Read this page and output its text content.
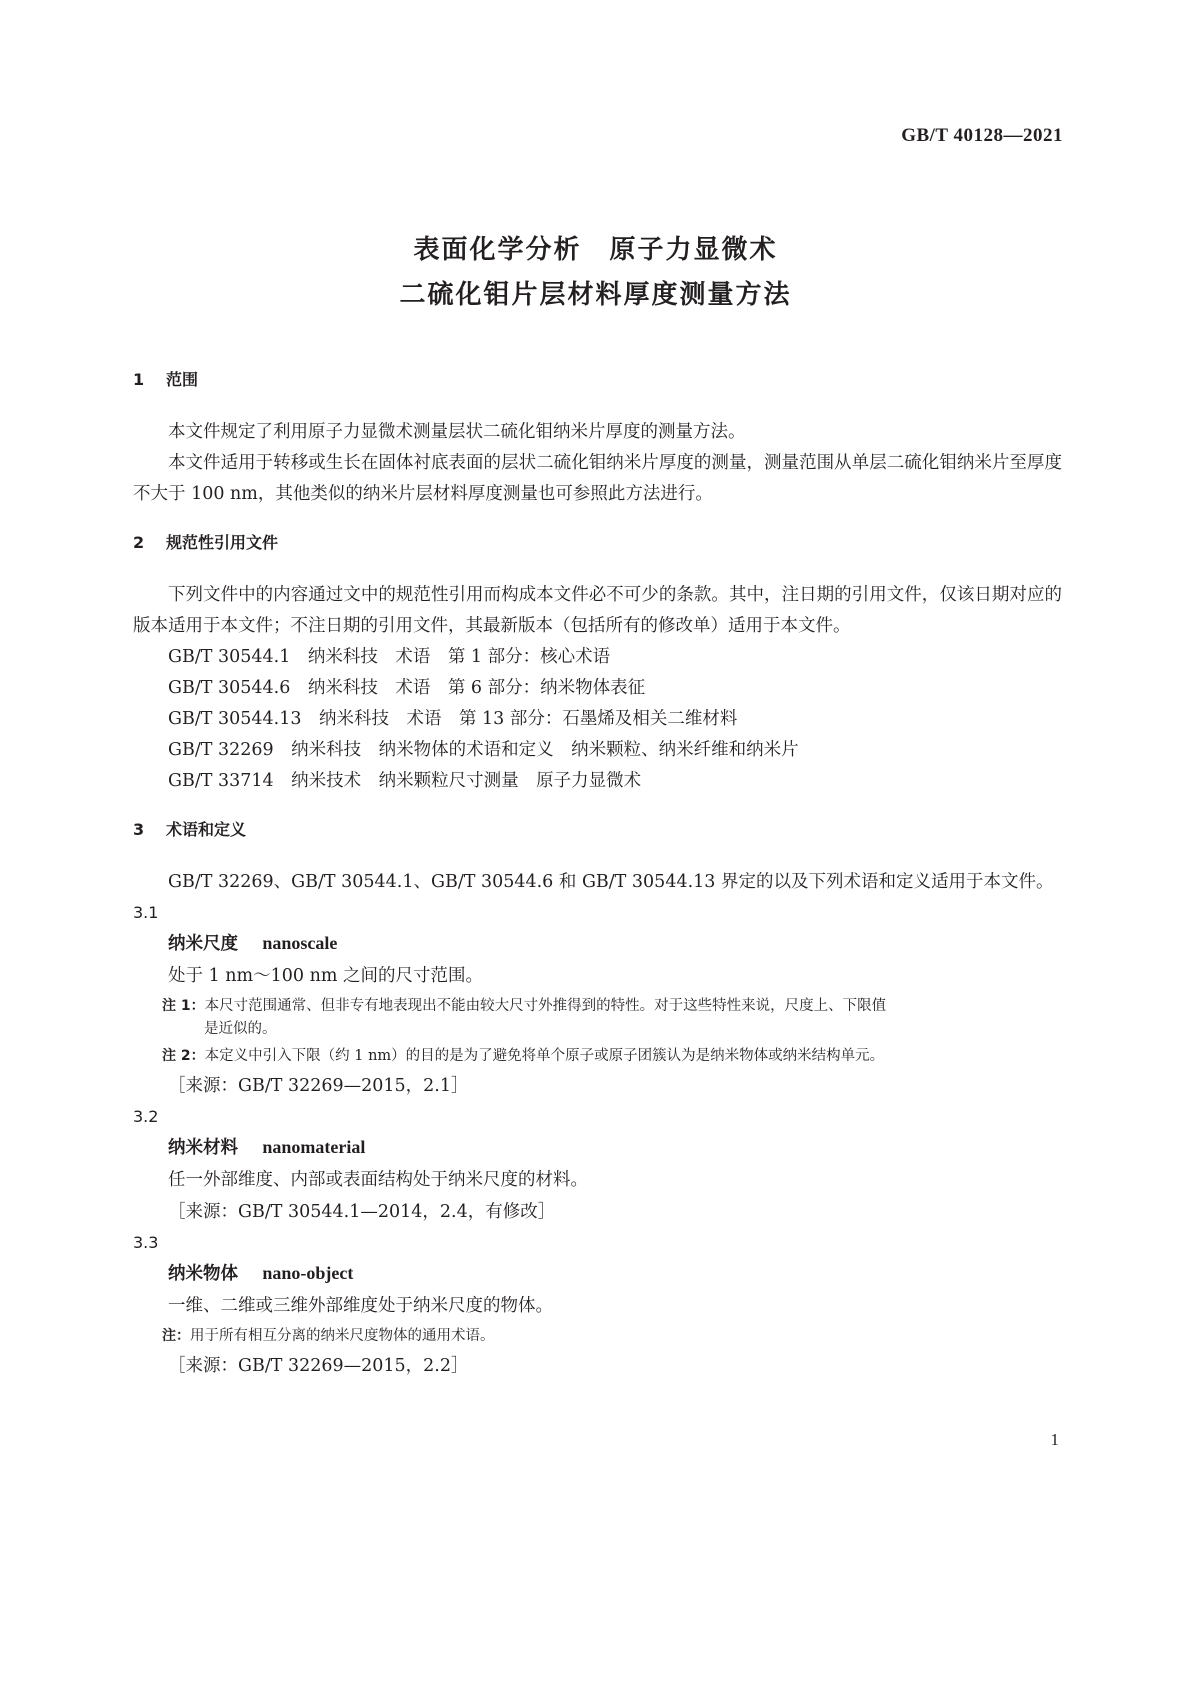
GB/T 40128—2021
表面化学分析　原子力显微术
二硫化钼片层材料厚度测量方法
1 范围

本文件规定了利用原子力显微术测量层状二硫化钼纳米片厚度的测量方法。

本文件适用于转移或生长在固体衬底表面的层状二硫化钼纳米片厚度的测量，测量范围从单层二硫化钼纳米片至厚度不大于 100 nm，其他类似的纳米片层材料厚度测量也可参照此方法进行。

2 规范性引用文件

下列文件中的内容通过文中的规范性引用而构成本文件必不可少的条款。其中，注日期的引用文件，仅该日期对应的版本适用于本文件；不注日期的引用文件，其最新版本（包括所有的修改单）适用于本文件。

GB/T 30544.1　纳米科技　术语　第 1 部分：核心术语
GB/T 30544.6　纳米科技　术语　第 6 部分：纳米物体表征
GB/T 30544.13　纳米科技　术语　第 13 部分：石墨烯及相关二维材料
GB/T 32269　纳米科技　纳米物体的术语和定义　纳米颗粒、纳米纤维和纳米片
GB/T 33714　纳米技术　纳米颗粒尺寸测量　原子力显微术
3 术语和定义

GB/T 32269、GB/T 30544.1、GB/T 30544.6 和 GB/T 30544.13 界定的以及下列术语和定义适用于本文件。

3.1
纳米尺度 nanoscale
处于 1 nm～100 nm 之间的尺寸范围。
注 1：本尺寸范围通常、但非专有地表现出不能由较大尺寸外推得到的特性。对于这些特性来说，尺度上、下限值
是近似的。
注 2：本定义中引入下限（约 1 nm）的目的是为了避免将单个原子或原子团簇认为是纳米物体或纳米结构单元。
［来源：GB/T 32269—2015，2.1］
3.2
纳米材料 nanomaterial
任一外部维度、内部或表面结构处于纳米尺度的材料。
［来源：GB/T 30544.1—2014，2.4，有修改］
3.3
纳米物体 nano-object
一维、二维或三维外部维度处于纳米尺度的物体。
注：用于所有相互分离的纳米尺度物体的通用术语。
［来源：GB/T 32269—2015，2.2］
1
